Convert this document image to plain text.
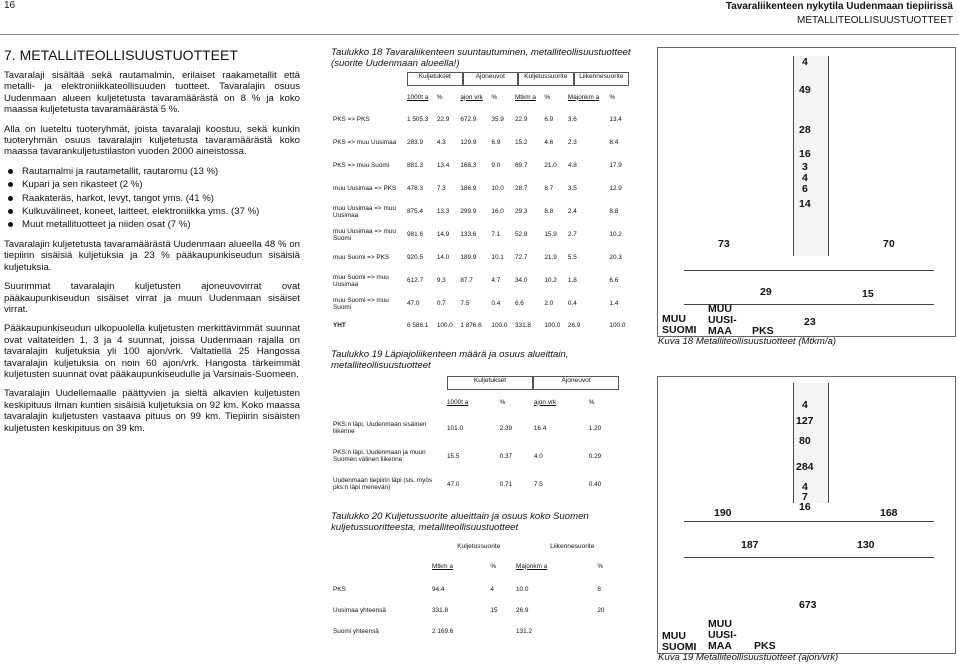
16	Tavaraliikenteen nykytila Uudenmaan tiepiirissä
METALLITEOLLISUUSTUOTTEET
7. METALLITEOLLISUUSTUOTTEET

Tavaralaji sisältää sekä rautamalmin, erilaiset raakametallit että metalli- ja elektroniikkateollisuuden tuotteet. Tavaralajin osuus Uudenmaan alueen kuljetetusta tavaramäärästä on 8 % ja koko maassa kuljetetusta tavaramäärästä 5 %.

Alla on lueteltu tuoteryhmät, joista tavaralaji koostuu, sekä kunkin tuoteryhmän osuus tavaralajin kuljetetusta tavaramäärästä koko maassa tavarankuljetustilaston vuoden 2000 aineistossa.

Rautamalmi ja rautametallit, rautaromu (13 %)
Kupari ja sen rikasteet (2 %)
Raakateräs, harkot, levyt, tangot yms. (41 %)
Kulkuvälineet, koneet, laitteet, elektroniikka yms. (37 %)
Muut metallituotteet ja niiden osat (7 %)

Tavaralajin kuljetetusta tavaramäärästä Uudenmaan alueella 48 % on tiepiirin sisäisiä kuljetuksia ja 23 % pääkaupunkiseudun sisäisiä kuljetuksia.

Suurimmat tavaralajin kuljetusten ajoneuvovirrat ovat pääkaupunkiseudun sisäiset virrat ja muun Uudenmaan sisäiset virrat.

Pääkaupunkiseudun ulkopuolella kuljetusten merkittävimmät suunnat ovat valtateiden 1, 3 ja 4 suunnat, joissa Uudenmaan rajalla on tavaralajin kuljetuksia yli 100 ajon/vrk. Valtatiellä 25 Hangossa tavaralajin kuljetuksia on noin 60 ajon/vrk. Hangosta tärkeimmät kuljetusten suunnat ovat pääkaupunkiseudulle ja Varsinais-Suomeen.

Tavaralajin Uudellemaalle päättyvien ja sieltä alkavien kuljetusten keskipituus ilman kuntien sisäisiä kuljetuksia on 92 km. Koko maassa tavaralajin kuljetusten vastaava pituus on 99 km. Tiepiirin sisäisten kuljetusten keskipituus on 39 km.

Taulukko 18 Tavaraliikenteen suuntautuminen, metalliteollisuustuotteet (suorite Uudenmaan alueella!)

	Kuljetukset Ajoneuvot Kuljetussuorite Liikennesuorite							

	1000t a	%	ajon vrk	%	Mtkm a	%	Majonkm a	%
PKS => PKS	1 505.3	22.9	672.9	35.9	22.9	6.9	3.6	13.4
PKS => muu Uusimaa	283.9	4.3	129.9	6.9	15.2	4.6	2.3	8.4
PKS => muu Suomi	881.3	13.4	168.3	9.0	69.7	21.0	4.8	17.9
muu Uusimaa => PKS	478.3	7.3	186.9	10.0	28.7	8.7	3.5	12.9
muu Uusimaa => muu Uusimaa	875.4	13.3	299.9	16.0	29.3	8.8	2.4	8.8
muu Uusimaa => muu Suomi	981.6	14.9	133.6	7.1	52.8	15.9	2.7	10.2
muu Suomi => PKS	920.5	14.0	189.9	10.1	72.7	21.9	5.5	20.3
muu Suomi => muu Uusimaa	612.7	9.3	87.7	4.7	34.0	10.2	1.8	6.6
muu Suomi => muu Suomi	47.0	0.7	7.5	0.4	6.6	2.0	0.4	1.4
YHT	6 586.1	100.0	1 876.6	100.0	331.8	100.0	26.9	100.0
Taulukko 19 Läpiajoliikenteen määrä ja osuus alueittain, metalliteollisuustuotteet

	Kuljetukset Ajoneuvot			

	1000t a	%	ajon vrk	%
PKS:n läpi, Uudenmaan sisäinen liikenne	101.0	2.39	16.4	1.20
PKS:n läpi, Uudenmaan ja muun Suomen välinen liikenne	15.5	0.37	4.0	0.29
Uudenmaan tiepiirin läpi (sis. myös pks:n läpi menevän)	47.0	0.71	7.5	0.40
Taulukko 20 Kuljetussuorite alueittain ja osuus koko Suomen kuljetussuoritteesta, metalliteollisuustuotteet

	Kuljetussuorite Liikennesuorite			

	Mtkm a	%	Majonkm a	%
PKS	94.4	4	10.0	8
Uusimaa yhteensä	331.8	15	26.9	20
Suomi yhteensä	2 169.6		131.2	
4
49
28
16
3
4
6
14
73	70
29	15
23
MUU SUOMI
MUU UUSI- MAA	PKS
Kuva 18 Metalliteollisuustuotteet (Mtkm/a)
4
127
80
284
4
7
16
190	168
187	130
673
MUU SUOMI
MUU UUSI- MAA	PKS
Kuva 19 Metalliteollisuustuotteet (ajon/vrk)
